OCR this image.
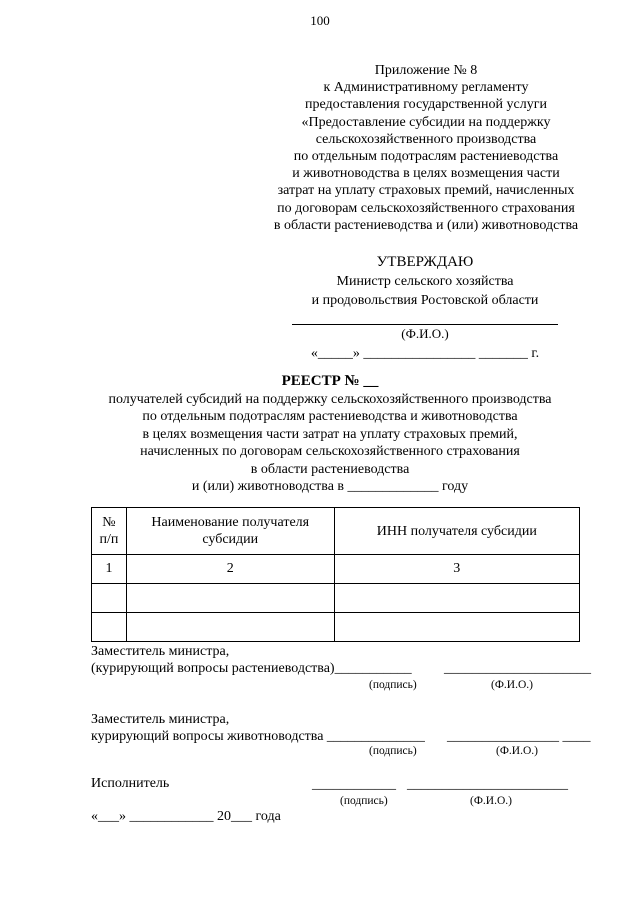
100
Приложение № 8
к Административному регламенту
предоставления государственной услуги
«Предоставление субсидии на поддержку
сельскохозяйственного производства
по отдельным подотраслям растениеводства
и животноводства в целях возмещения части
затрат на уплату страховых премий, начисленных
по договорам сельскохозяйственного страхования
в области растениеводства и (или) животноводства
УТВЕРЖДАЮ
Министр сельского хозяйства
и продовольствия Ростовской области
(Ф.И.О.)
«_____» ________________ _______ г.
РЕЕСТР № __
получателей субсидий на поддержку сельскохозяйственного производства
по отдельным подотраслям растениеводства и животноводства
в целях возмещения части затрат на уплату страховых премий,
начисленных по договорам сельскохозяйственного страхования
в области растениеводства
и (или) животноводства в _____________ году
№ п/п	Наименование получателя субсидии	ИНН получателя субсидии
1	2	3

Заместитель министра,
(курирующий вопросы растениеводства)___________ _____________________
(подпись)	(Ф.И.О.)
Заместитель министра,
курирующий вопросы животноводства ______________ ________________ ____
(подпись)	(Ф.И.О.)
Исполнитель	____________ _______________________
(подпись)	(Ф.И.О.)
«___» ____________ 20___ года
